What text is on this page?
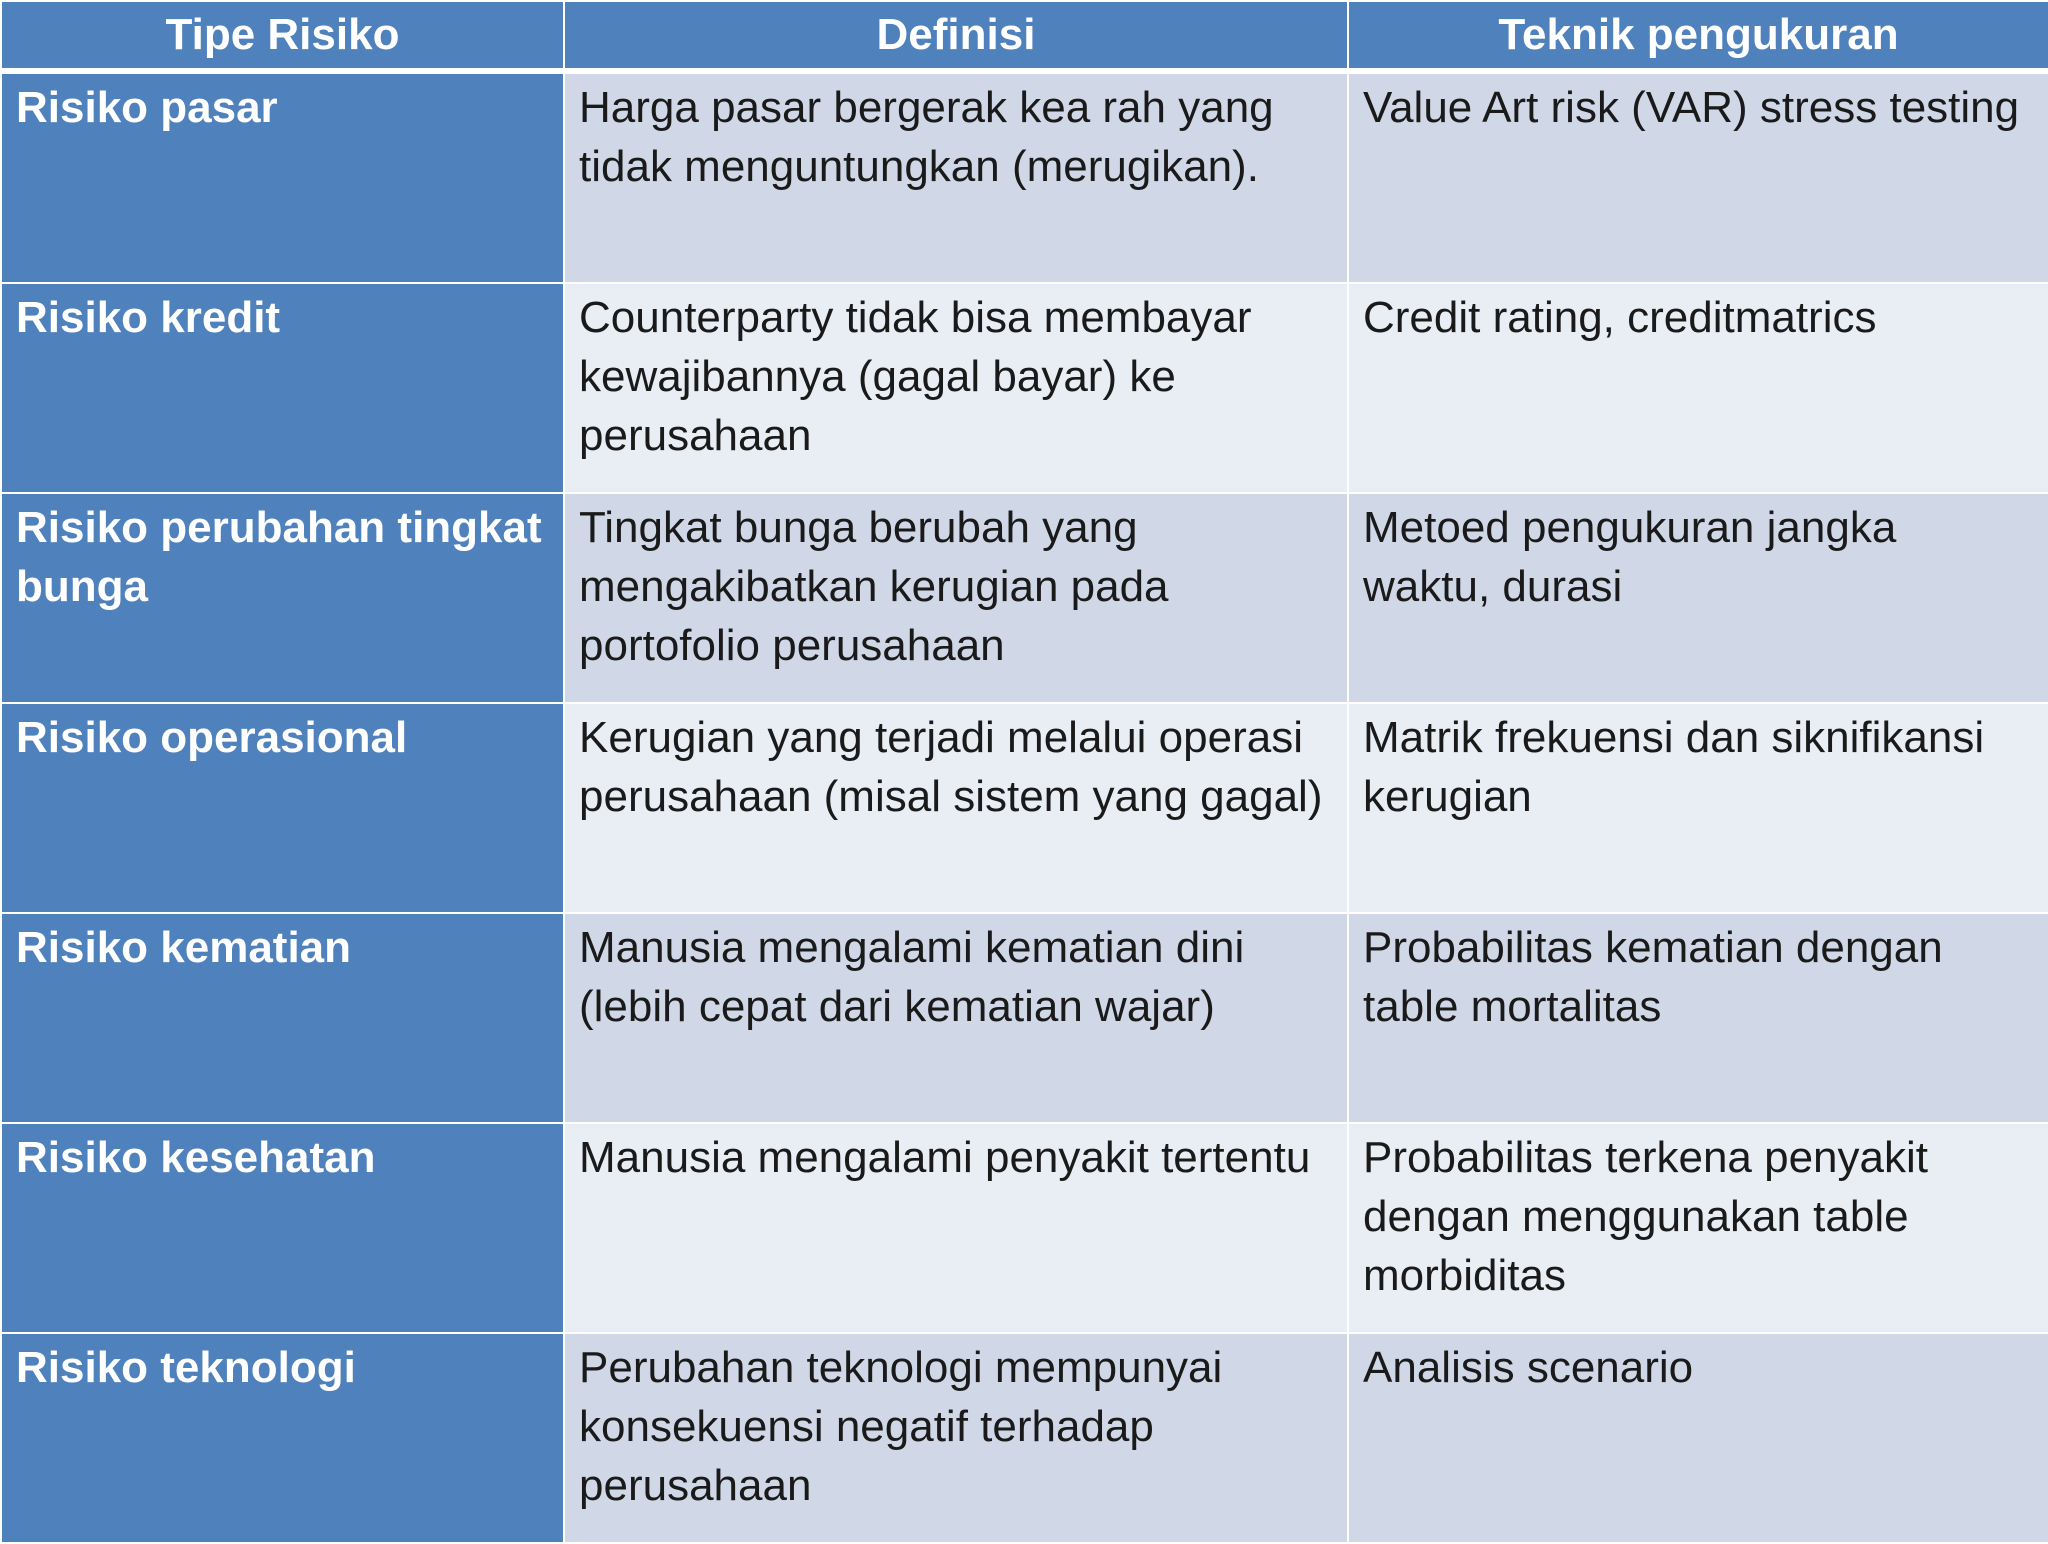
Tipe Risiko	Definisi	Teknik pengukuran
Risiko pasar	Harga pasar bergerak kea rah yang tidak menguntungkan (merugikan).	Value Art risk (VAR) stress testing
Risiko kredit	Counterparty tidak bisa membayar kewajibannya (gagal bayar) ke perusahaan	Credit rating, creditmatrics
Risiko perubahan tingkat bunga	Tingkat bunga berubah yang mengakibatkan kerugian pada portofolio perusahaan	Metoed pengukuran jangka waktu, durasi
Risiko operasional	Kerugian yang terjadi melalui operasi perusahaan (misal sistem yang gagal)	Matrik frekuensi dan siknifikansi kerugian
Risiko kematian	Manusia mengalami kematian dini (lebih cepat dari kematian wajar)	Probabilitas kematian dengan table mortalitas
Risiko kesehatan	Manusia mengalami penyakit tertentu	Probabilitas terkena penyakit dengan menggunakan table morbiditas
Risiko teknologi	Perubahan teknologi mempunyai konsekuensi negatif terhadap perusahaan	Analisis scenario
